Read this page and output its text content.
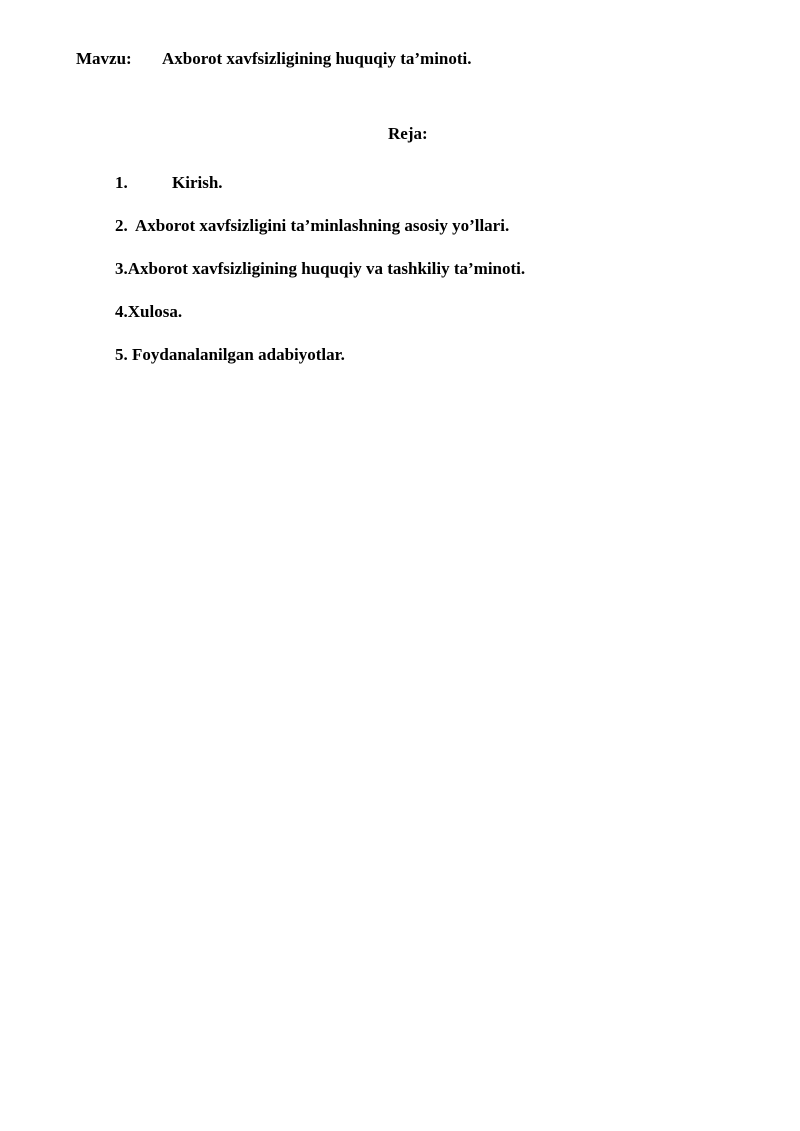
Mavzu: Axborot xavfsizligining huquqiy ta’minoti.
Reja:
1.	Kirish.
2. Axborot xavfsizligini ta’minlashning asosiy yo’llari.
3.Axborot xavfsizligining huquqiy va tashkiliy ta’minoti.
4.Xulosa.
5. Foydanalanilgan adabiyotlar.
